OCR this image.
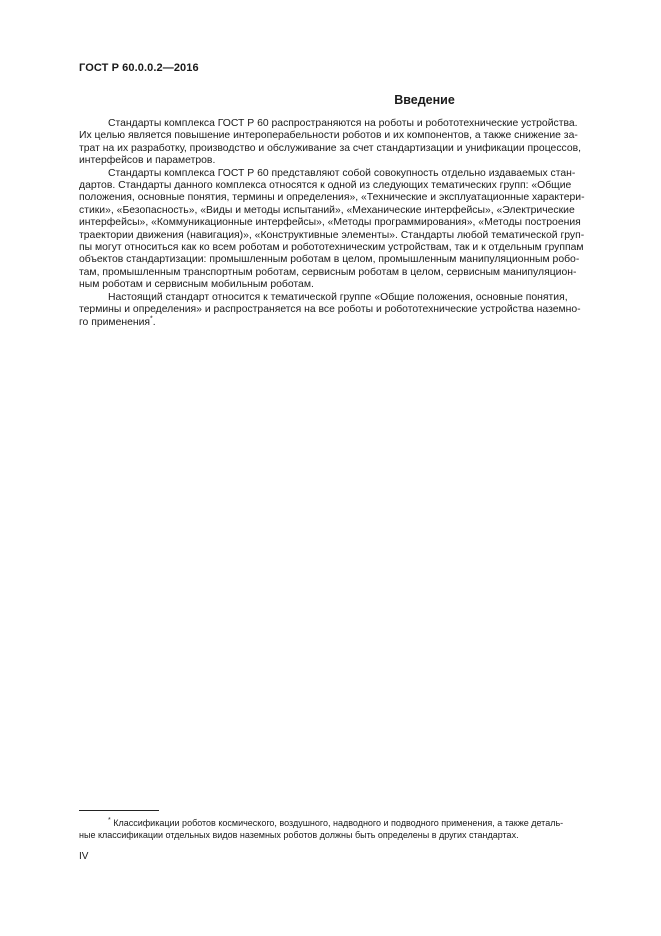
ГОСТ Р 60.0.0.2—2016
Введение

Стандарты комплекса ГОСТ Р 60 распространяются на роботы и робототехнические устройства.
Их целью является повышение интероперабельности роботов и их компонентов, а также снижение за-
трат на их разработку, производство и обслуживание за счет стандартизации и унификации процессов,
интерфейсов и параметров.

Стандарты комплекса ГОСТ Р 60 представляют собой совокупность отдельно издаваемых стан-
дартов. Стандарты данного комплекса относятся к одной из следующих тематических групп: «Общие
положения, основные понятия, термины и определения», «Технические и эксплуатационные характери-
стики», «Безопасность», «Виды и методы испытаний», «Механические интерфейсы», «Электрические
интерфейсы», «Коммуникационные интерфейсы», «Методы программирования», «Методы построения
траектории движения (навигация)», «Конструктивные элементы». Стандарты любой тематической груп-
пы могут относиться как ко всем роботам и робототехническим устройствам, так и к отдельным группам
объектов стандартизации: промышленным роботам в целом, промышленным манипуляционным робо-
там, промышленным транспортным роботам, сервисным роботам в целом, сервисным манипуляцион-
ным роботам и сервисным мобильным роботам.

Настоящий стандарт относится к тематической группе «Общие положения, основные понятия,
термины и определения» и распространяется на все роботы и робототехнические устройства наземно-
го применения*.

* Классификации роботов космического, воздушного, надводного и подводного применения, а также деталь-
ные классификации отдельных видов наземных роботов должны быть определены в других стандартах.
IV
